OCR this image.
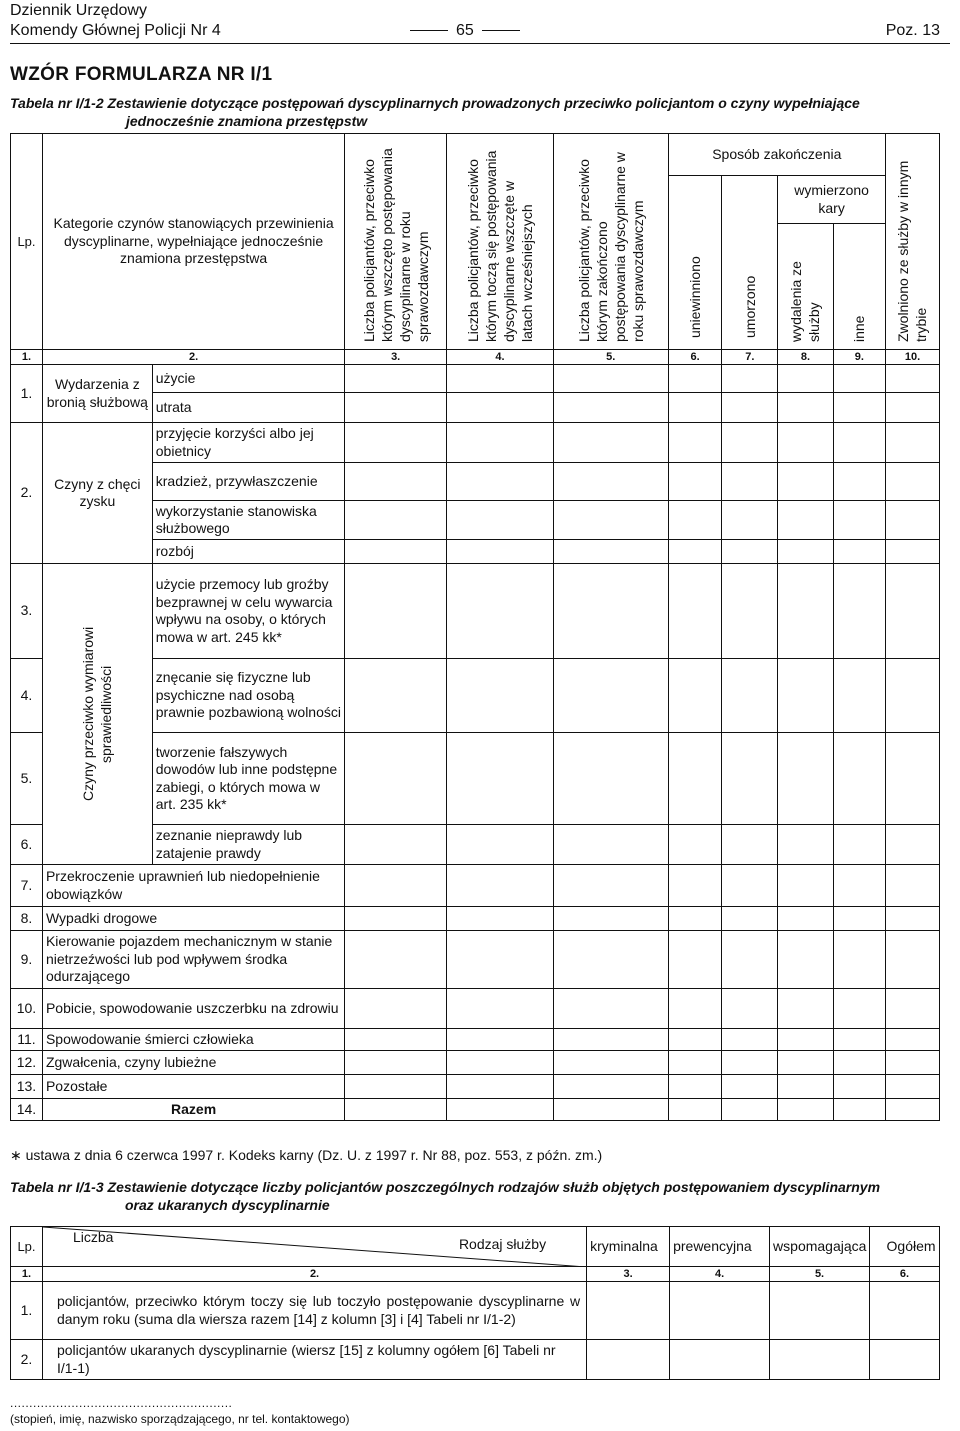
Dziennik Urzędowy
Komendy Głównej Policji Nr 4	65	Poz. 13
WZÓR FORMULARZA NR I/1
Tabela nr I/1-2 Zestawienie dotyczące postępowań dyscyplinarnych prowadzonych przeciwko policjantom o czyny wypełniające
jednocześnie znamiona przestępstw
Lp.	Kategorie czynów stanowiących przewinienia dyscyplinarne, wypełniające jednocześnie znamiona przestępstwa		Liczba policjantów, przeciwko którym wszczęto postępowania dyscyplinarne w roku sprawozdawczym	Liczba policjantów, przeciwko którym toczą się postępowania dyscyplinarne wszczęte w latach wcześniejszych	Liczba policjantów, przeciwko którym zakończono postępowania dyscyplinarne w roku sprawozdawczym	Sposób zakończenia				Zwolniono ze służby w innym trybie

						uniewinniono	umorzono	wymierzono kary		

								wydalenia ze służby	inne	

1.	2.		3.	4.	5.	6.	7.	8.	9.	10.
1.	Wydarzenia z bronią służbową	użycie								
		utrata								
2.	Czyny z chęci zysku	przyjęcie korzyści albo jej obietnicy								
		kradzież, przywłaszczenie								
		wykorzystanie stanowiska służbowego								
		rozbój								
3.	Czyny przeciwko wymiarowi sprawiedliwości	użycie przemocy lub groźby bezprawnej w celu wywarcia wpływu na osoby, o których mowa w art. 245 kk*								
4.		znęcanie się fizyczne lub psychiczne nad osobą prawnie pozbawioną wolności								
5.		tworzenie fałszywych dowodów lub inne podstępne zabiegi, o których mowa w art. 235 kk*								
6.		zeznanie nieprawdy lub zatajenie prawdy								
7.	Przekroczenie uprawnień lub niedopełnienie obowiązków									
8.	Wypadki drogowe									
9.	Kierowanie pojazdem mechanicznym w stanie nietrzeźwości lub pod wpływem środka odurzającego									
10.	Pobicie, spowodowanie uszczerbku na zdrowiu									
11.	Spowodowanie śmierci człowieka									
12.	Zgwałcenia, czyny lubieżne									
13.	Pozostałe									
14.	Razem									
∗ ustawa z dnia 6 czerwca 1997 r. Kodeks karny (Dz. U. z 1997 r. Nr 88, poz. 553, z późn. zm.)
Tabela nr I/1-3 Zestawienie dotyczące liczby policjantów poszczególnych rodzajów służb objętych postępowaniem dyscyplinarnym
oraz ukaranych dyscyplinarnie
Lp.	Liczba Rodzaj służby	kryminalna	prewencyjna	wspomagająca	Ogółem
1.	2.	3.	4.	5.	6.
1.	policjantów, przeciwko którym toczy się lub toczyło postępowanie dyscyplinarne w danym roku (suma dla wiersza razem [14] z kolumn [3] i [4] Tabeli nr I/1-2)				
2.	policjantów ukaranych dyscyplinarnie (wiersz [15] z kolumny ogółem [6] Tabeli nr I/1-1)				
..........................................................
(stopień, imię, nazwisko sporządzającego, nr tel. kontaktowego)
